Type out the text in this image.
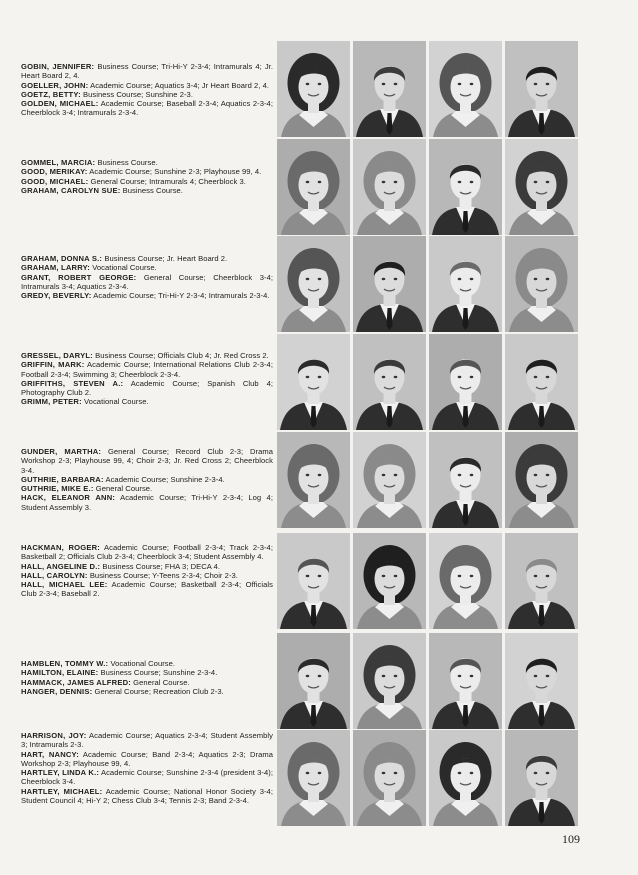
GOBIN, JENNIFER: Business Course; Tri-Hi-Y 2-3-4; Intramurals 4; Jr. Heart Board 2, 4.

GOELLER, JOHN: Academic Course; Aquatics 3-4; Jr Heart Board 2, 4.

GOETZ, BETTY: Business Course; Sunshine 2-3.

GOLDEN, MICHAEL: Academic Course; Baseball 2-3-4; Aquatics 2-3-4; Cheerblock 3-4; Intramurals 2-3-4.

GOMMEL, MARCIA: Business Course.

GOOD, MERIKAY: Academic Course; Sunshine 2-3; Playhouse 99, 4.

GOOD, MICHAEL: General Course; Intramurals 4; Cheerblock 3.

GRAHAM, CAROLYN SUE: Business Course.

GRAHAM, DONNA S.: Business Course; Jr. Heart Board 2.

GRAHAM, LARRY: Vocational Course.

GRANT, ROBERT GEORGE: General Course; Cheerblock 3-4; Intramurals 3-4; Aquatics 2-3-4.

GREDY, BEVERLY: Academic Course; Tri-Hi-Y 2-3-4; Intramurals 2-3-4.

GRESSEL, DARYL: Business Course; Officials Club 4; Jr. Red Cross 2.

GRIFFIN, MARK: Academic Course; International Relations Club 2-3-4; Football 2-3-4; Swimming 3; Cheerblock 2-3-4.

GRIFFITHS, STEVEN A.: Academic Course; Spanish Club 4; Photography Club 2.

GRIMM, PETER: Vocational Course.

GUNDER, MARTHA: General Course; Record Club 2-3; Drama Workshop 2-3; Playhouse 99, 4; Choir 2-3; Jr. Red Cross 2; Cheerblock 3-4.

GUTHRIE, BARBARA: Academic Course; Sunshine 2-3-4.

GUTHRIE, MIKE E.: General Course.

HACK, ELEANOR ANN: Academic Course; Tri-Hi-Y 2-3-4; Log 4; Student Assembly 3.

HACKMAN, ROGER: Academic Course; Football 2-3-4; Track 2-3-4; Basketball 2; Officials Club 2-3-4; Cheerblock 3-4; Student Assembly 4.

HALL, ANGELINE D.: Business Course; FHA 3; DECA 4.

HALL, CAROLYN: Business Course; Y-Teens 2-3-4; Choir 2-3.

HALL, MICHAEL LEE: Academic Course; Basketball 2-3-4; Officials Club 2-3-4; Baseball 2.

HAMBLEN, TOMMY W.: Vocational Course.

HAMILTON, ELAINE: Business Course; Sunshine 2-3-4.

HAMMACK, JAMES ALFRED: General Course.

HANGER, DENNIS: General Course; Recreation Club 2-3.

HARRISON, JOY: Academic Course; Aquatics 2-3-4; Student Assembly 3; Intramurals 2-3.

HART, NANCY: Academic Course; Band 2-3-4; Aquatics 2-3; Drama Workshop 2-3; Playhouse 99, 4.

HARTLEY, LINDA K.: Academic Course; Sunshine 2-3-4 (president 3-4); Cheerblock 3-4.

HARTLEY, MICHAEL: Academic Course; National Honor Society 3-4; Student Council 4; Hi-Y 2; Chess Club 3-4; Tennis 2-3; Band 2-3-4.

109
